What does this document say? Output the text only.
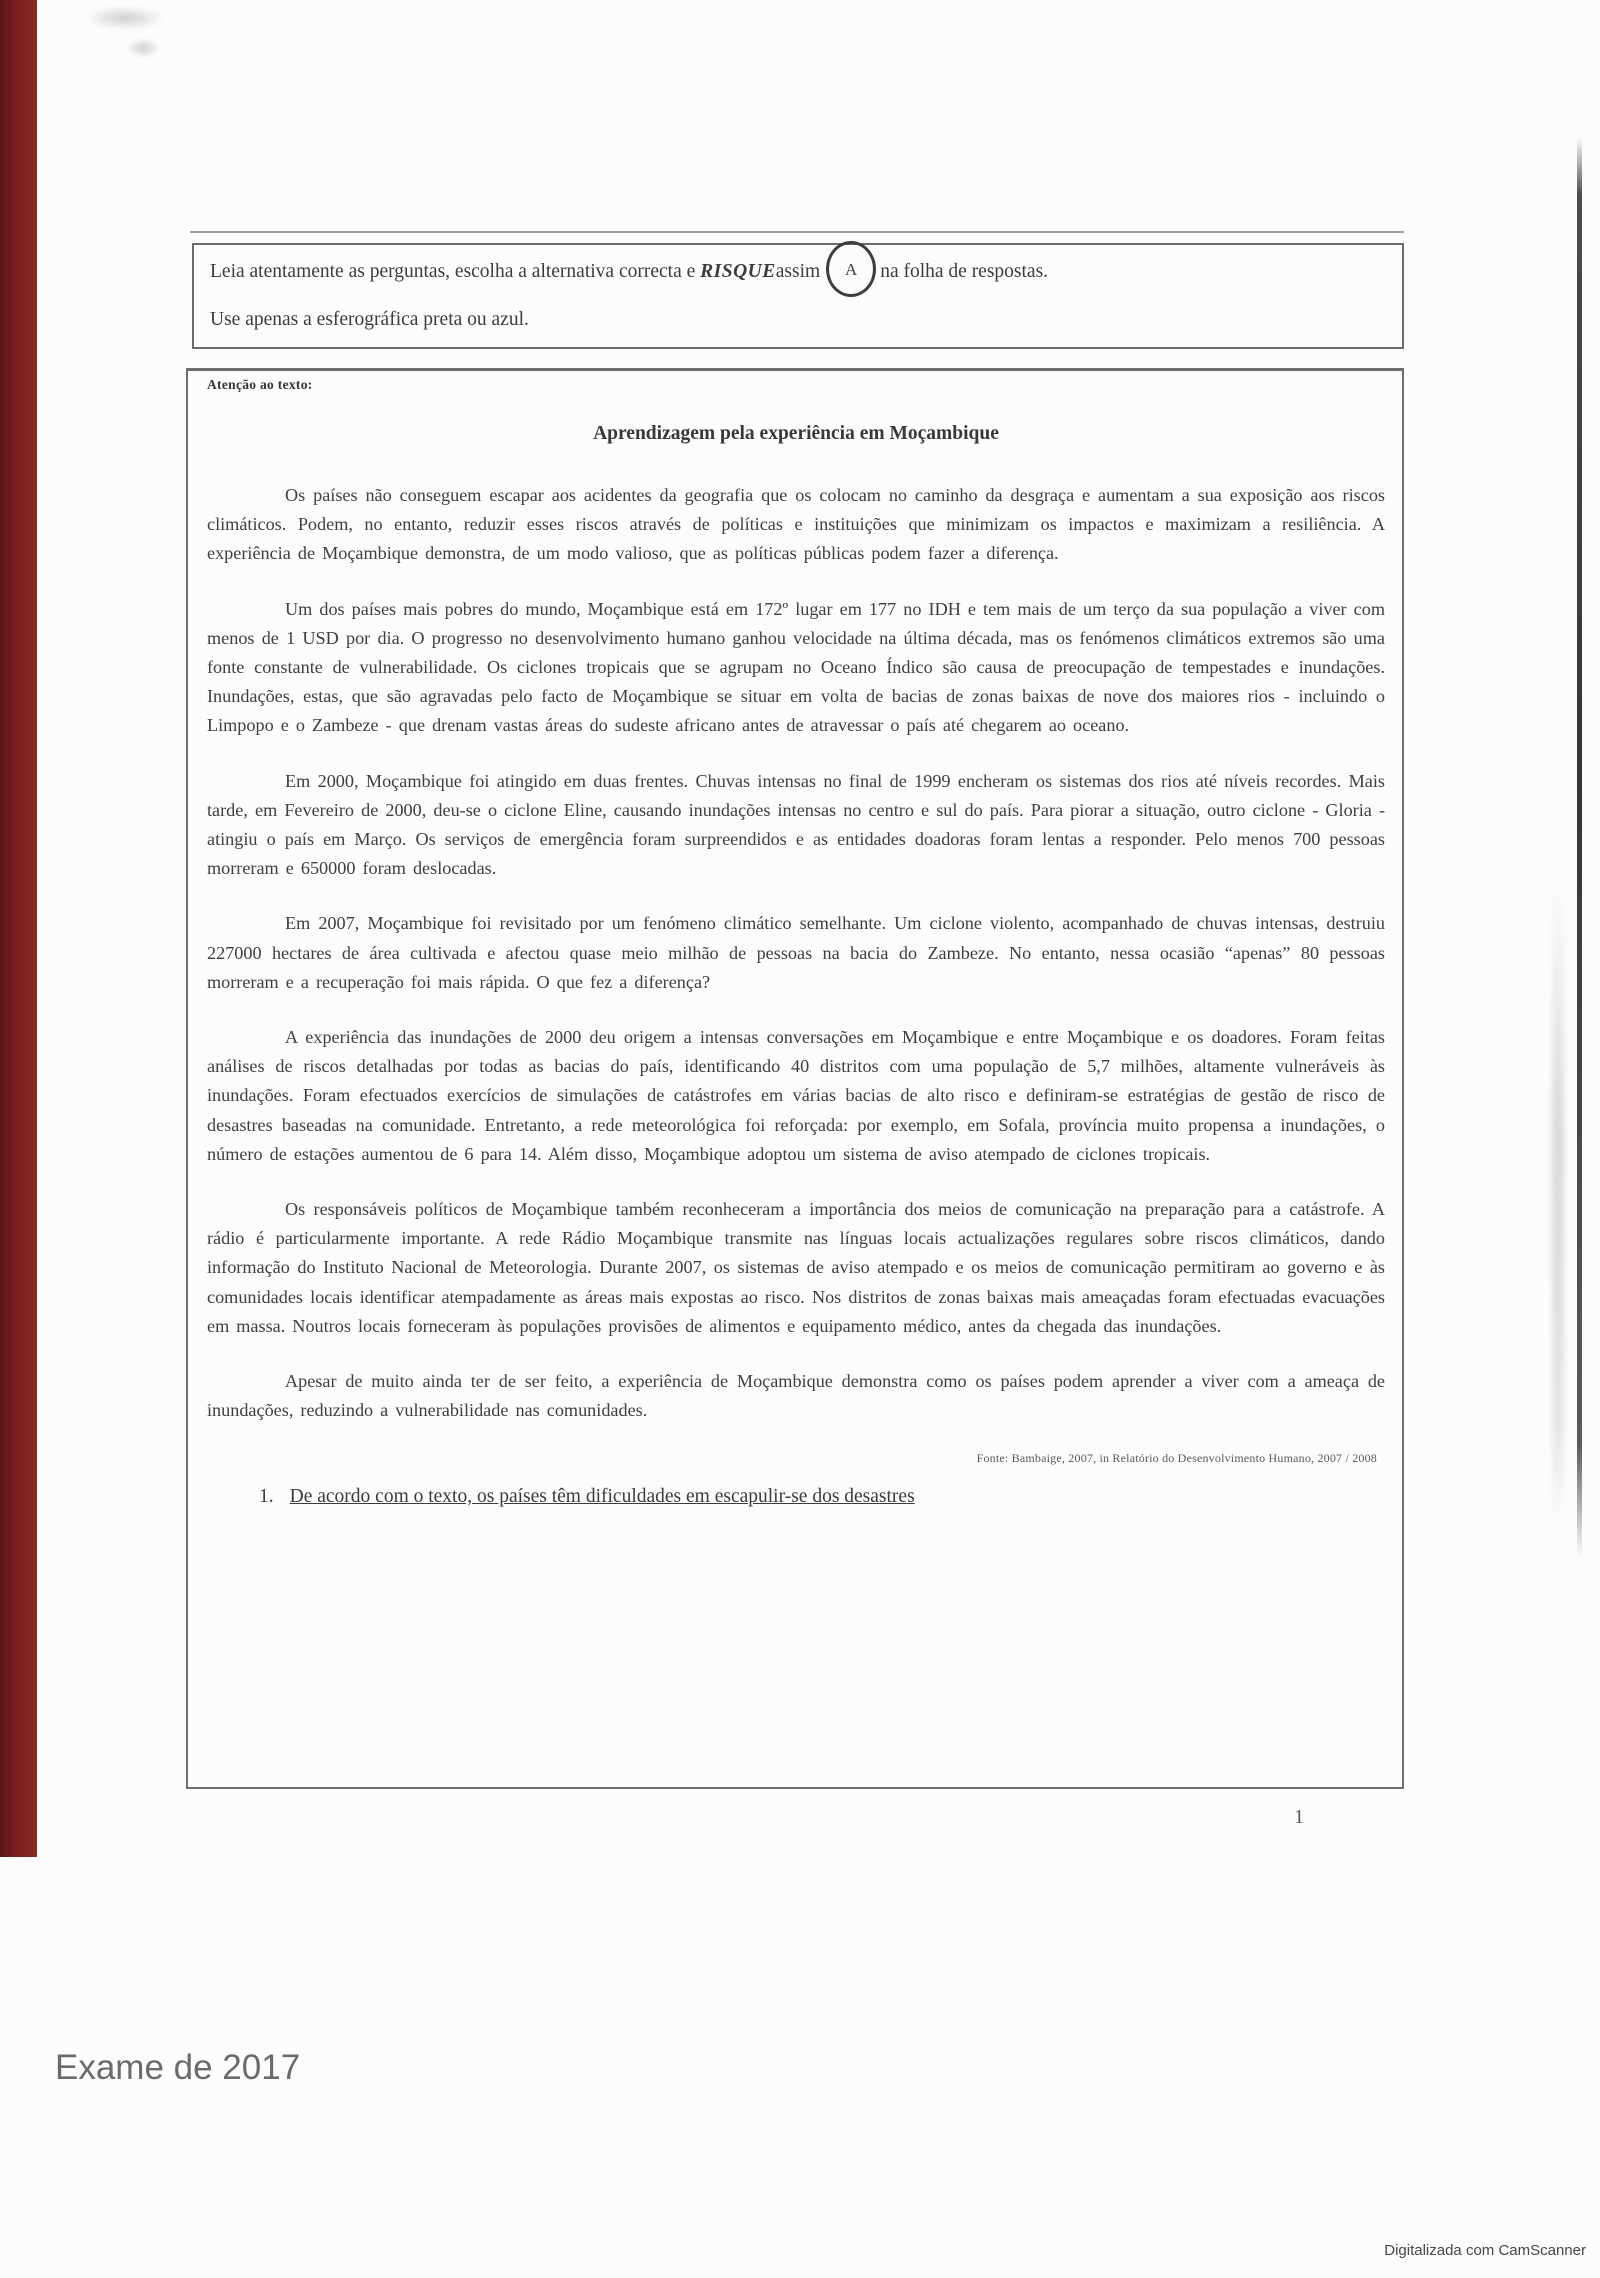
Leia atentamente as perguntas, escolha a alternativa correcta e RISQUEassim A na folha de respostas.
Use apenas a esferográfica preta ou azul.
Atenção ao texto:
Aprendizagem pela experiência em Moçambique

Os países não conseguem escapar aos acidentes da geografia que os colocam no caminho da desgraça e aumentam a sua exposição aos riscos climáticos. Podem, no entanto, reduzir esses riscos através de políticas e instituições que minimizam os impactos e maximizam a resiliência. A experiência de Moçambique demonstra, de um modo valioso, que as políticas públicas podem fazer a diferença.

Um dos países mais pobres do mundo, Moçambique está em 172º lugar em 177 no IDH e tem mais de um terço da sua população a viver com menos de 1 USD por dia. O progresso no desenvolvimento humano ganhou velocidade na última década, mas os fenómenos climáticos extremos são uma fonte constante de vulnerabilidade. Os ciclones tropicais que se agrupam no Oceano Índico são causa de preocupação de tempestades e inundações. Inundações, estas, que são agravadas pelo facto de Moçambique se situar em volta de bacias de zonas baixas de nove dos maiores rios - incluindo o Limpopo e o Zambeze - que drenam vastas áreas do sudeste africano antes de atravessar o país até chegarem ao oceano.

Em 2000, Moçambique foi atingido em duas frentes. Chuvas intensas no final de 1999 encheram os sistemas dos rios até níveis recordes. Mais tarde, em Fevereiro de 2000, deu-se o ciclone Eline, causando inundações intensas no centro e sul do país. Para piorar a situação, outro ciclone - Gloria - atingiu o país em Março. Os serviços de emergência foram surpreendidos e as entidades doadoras foram lentas a responder. Pelo menos 700 pessoas morreram e 650000 foram deslocadas.

Em 2007, Moçambique foi revisitado por um fenómeno climático semelhante. Um ciclone violento, acompanhado de chuvas intensas, destruiu 227000 hectares de área cultivada e afectou quase meio milhão de pessoas na bacia do Zambeze. No entanto, nessa ocasião “apenas” 80 pessoas morreram e a recuperação foi mais rápida. O que fez a diferença?

A experiência das inundações de 2000 deu origem a intensas conversações em Moçambique e entre Moçambique e os doadores. Foram feitas análises de riscos detalhadas por todas as bacias do país, identificando 40 distritos com uma população de 5,7 milhões, altamente vulneráveis às inundações. Foram efectuados exercícios de simulações de catástrofes em várias bacias de alto risco e definiram-se estratégias de gestão de risco de desastres baseadas na comunidade. Entretanto, a rede meteorológica foi reforçada: por exemplo, em Sofala, província muito propensa a inundações, o número de estações aumentou de 6 para 14. Além disso, Moçambique adoptou um sistema de aviso atempado de ciclones tropicais.

Os responsáveis políticos de Moçambique também reconheceram a importância dos meios de comunicação na preparação para a catástrofe. A rádio é particularmente importante. A rede Rádio Moçambique transmite nas línguas locais actualizações regulares sobre riscos climáticos, dando informação do Instituto Nacional de Meteorologia. Durante 2007, os sistemas de aviso atempado e os meios de comunicação permitiram ao governo e às comunidades locais identificar atempadamente as áreas mais expostas ao risco. Nos distritos de zonas baixas mais ameaçadas foram efectuadas evacuações em massa. Noutros locais forneceram às populações provisões de alimentos e equipamento médico, antes da chegada das inundações.

Apesar de muito ainda ter de ser feito, a experiência de Moçambique demonstra como os países podem aprender a viver com a ameaça de inundações, reduzindo a vulnerabilidade nas comunidades.

Fonte: Bambaige, 2007, in Relatório do Desenvolvimento Humano, 2007 / 2008
1. De acordo com o texto, os países têm dificuldades em escapulir-se dos desastres
1
Exame de 2017
Digitalizada com CamScanner
